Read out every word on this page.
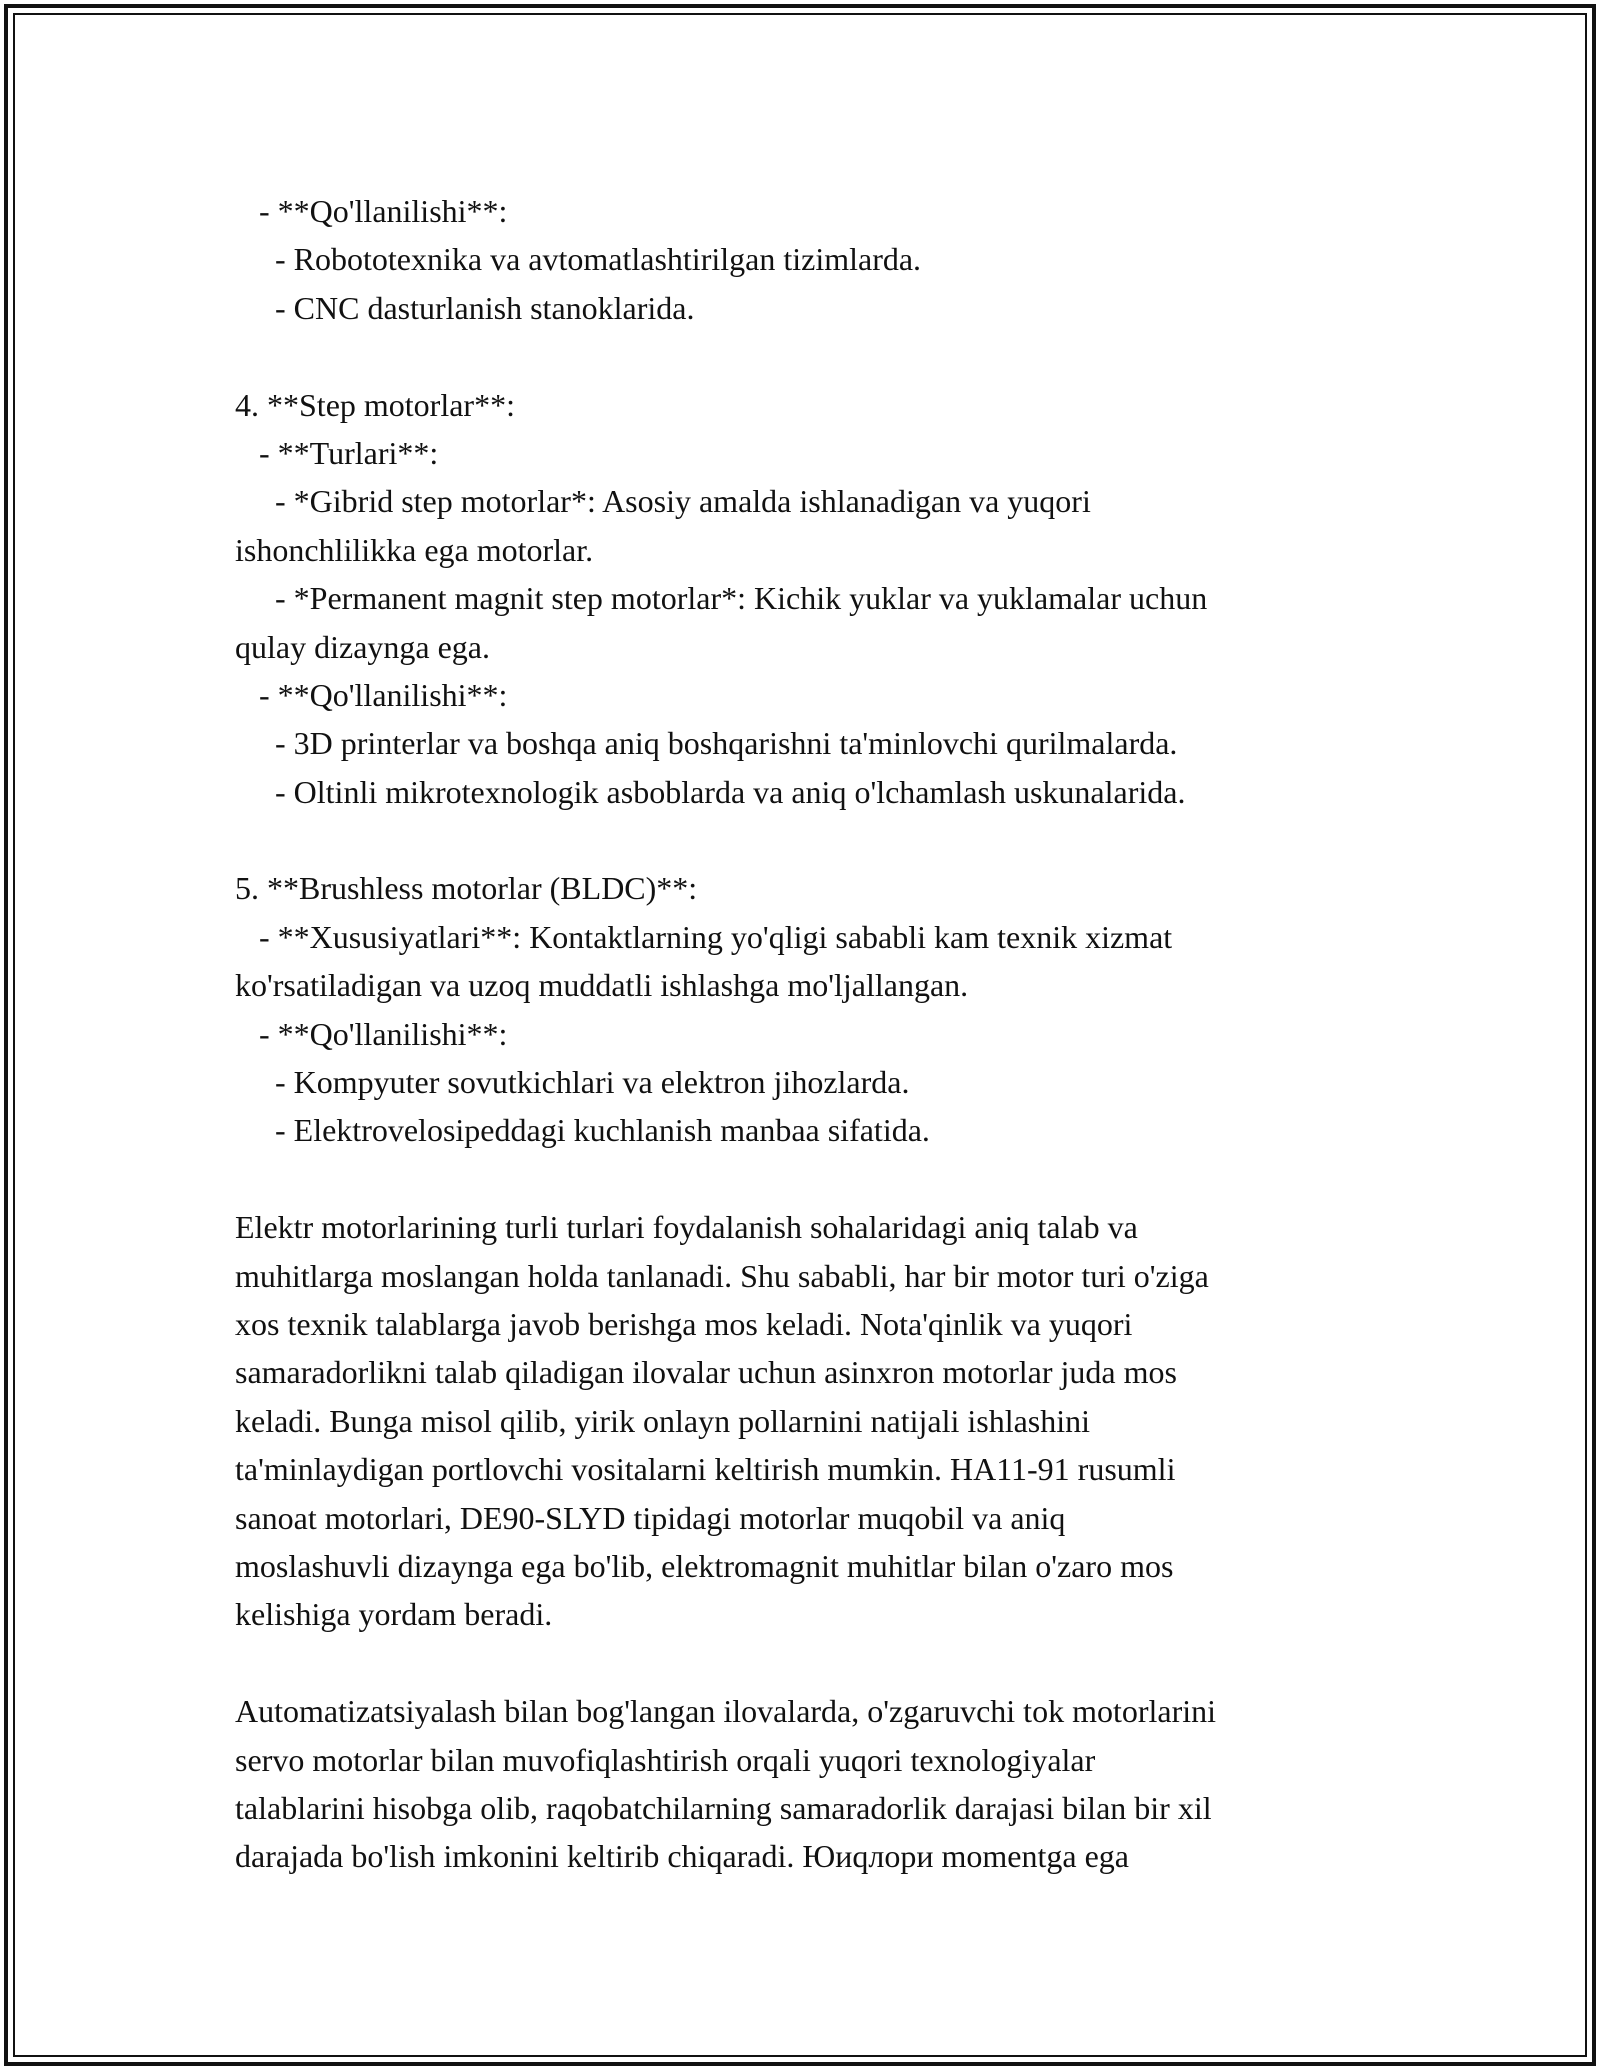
- **Qo'llanilishi**:
- Robototexnika va avtomatlashtirilgan tizimlarda.
- CNC dasturlanish stanoklarida.
4. **Step motorlar**:
- **Turlari**:
- *Gibrid step motorlar*: Asosiy amalda ishlanadigan va yuqori
ishonchlilikka ega motorlar.
- *Permanent magnit step motorlar*: Kichik yuklar va yuklamalar uchun
qulay dizaynga ega.
- **Qo'llanilishi**:
- 3D printerlar va boshqa aniq boshqarishni ta'minlovchi qurilmalarda.
- Oltinli mikrotexnologik asboblarda va aniq o'lchamlash uskunalarida.
5. **Brushless motorlar (BLDC)**:
- **Xususiyatlari**: Kontaktlarning yo'qligi sababli kam texnik xizmat
ko'rsatiladigan va uzoq muddatli ishlashga mo'ljallangan.
- **Qo'llanilishi**:
- Kompyuter sovutkichlari va elektron jihozlarda.
- Elektrovelosipeddagi kuchlanish manbaa sifatida.
Elektr motorlarining turli turlari foydalanish sohalaridagi aniq talab va
muhitlarga moslangan holda tanlanadi. Shu sababli, har bir motor turi o'ziga
xos texnik talablarga javob berishga mos keladi. Nota'qinlik va yuqori
samaradorlikni talab qiladigan ilovalar uchun asinxron motorlar juda mos
keladi. Bunga misol qilib, yirik onlayn pollarnini natijali ishlashini
ta'minlaydigan portlovchi vositalarni keltirish mumkin. HA11-91 rusumli
sanoat motorlari, DE90-SLYD tipidagi motorlar muqobil va aniq
moslashuvli dizaynga ega bo'lib, elektromagnit muhitlar bilan o'zaro mos
kelishiga yordam beradi.
Automatizatsiyalash bilan bog'langan ilovalarda, o'zgaruvchi tok motorlarini
servo motorlar bilan muvofiqlashtirish orqali yuqori texnologiyalar
talablarini hisobga olib, raqobatchilarning samaradorlik darajasi bilan bir xil
darajada bo'lish imkonini keltirib chiqaradi. Юиqлори momentga ega
